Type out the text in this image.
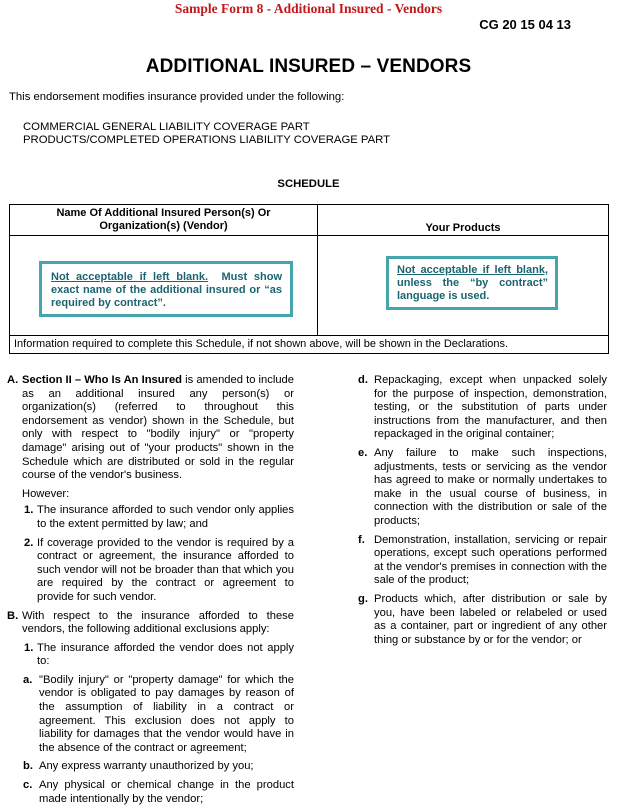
Sample Form 8 - Additional Insured - Vendors
CG 20 15 04 13
ADDITIONAL INSURED – VENDORS
This endorsement modifies insurance provided under the following:
COMMERCIAL GENERAL LIABILITY COVERAGE PART
PRODUCTS/COMPLETED OPERATIONS LIABILITY COVERAGE PART
SCHEDULE
Name Of Additional Insured Person(s) Or
Organization(s) (Vendor)	Your Products
Not acceptable if left blank.  Must show exact name of the additional insured or “as required by contract”.
Not acceptable if left blank, unless the “by contract” language is used.
Information required to complete this Schedule, if not shown above, will be shown in the Declarations.
A. Section II – Who Is An Insured is amended to include as an additional insured any person(s) or organization(s) (referred to throughout this endorsement as vendor) shown in the Schedule, but only with respect to "bodily injury" or "property damage" arising out of "your products" shown in the Schedule which are distributed or sold in the regular course of the vendor's business.
However:
1. The insurance afforded to such vendor only applies to the extent permitted by law; and
2. If coverage provided to the vendor is required by a contract or agreement, the insurance afforded to such vendor will not be broader than that which you are required by the contract or agreement to provide for such vendor.
B. With respect to the insurance afforded to these vendors, the following additional exclusions apply:
1. The insurance afforded the vendor does not apply to:
a. "Bodily injury" or "property damage" for which the vendor is obligated to pay damages by reason of the assumption of liability in a contract or agreement. This exclusion does not apply to liability for damages that the vendor would have in the absence of the contract or agreement;
b. Any express warranty unauthorized by you;
c. Any physical or chemical change in the product made intentionally by the vendor;
d. Repackaging, except when unpacked solely for the purpose of inspection, demonstration, testing, or the substitution of parts under instructions from the manufacturer, and then repackaged in the original container;
e. Any failure to make such inspections, adjustments, tests or servicing as the vendor has agreed to make or normally undertakes to make in the usual course of business, in connection with the distribution or sale of the products;
f. Demonstration, installation, servicing or repair operations, except such operations performed at the vendor's premises in connection with the sale of the product;
g. Products which, after distribution or sale by you, have been labeled or relabeled or used as a container, part or ingredient of any other thing or substance by or for the vendor; or
